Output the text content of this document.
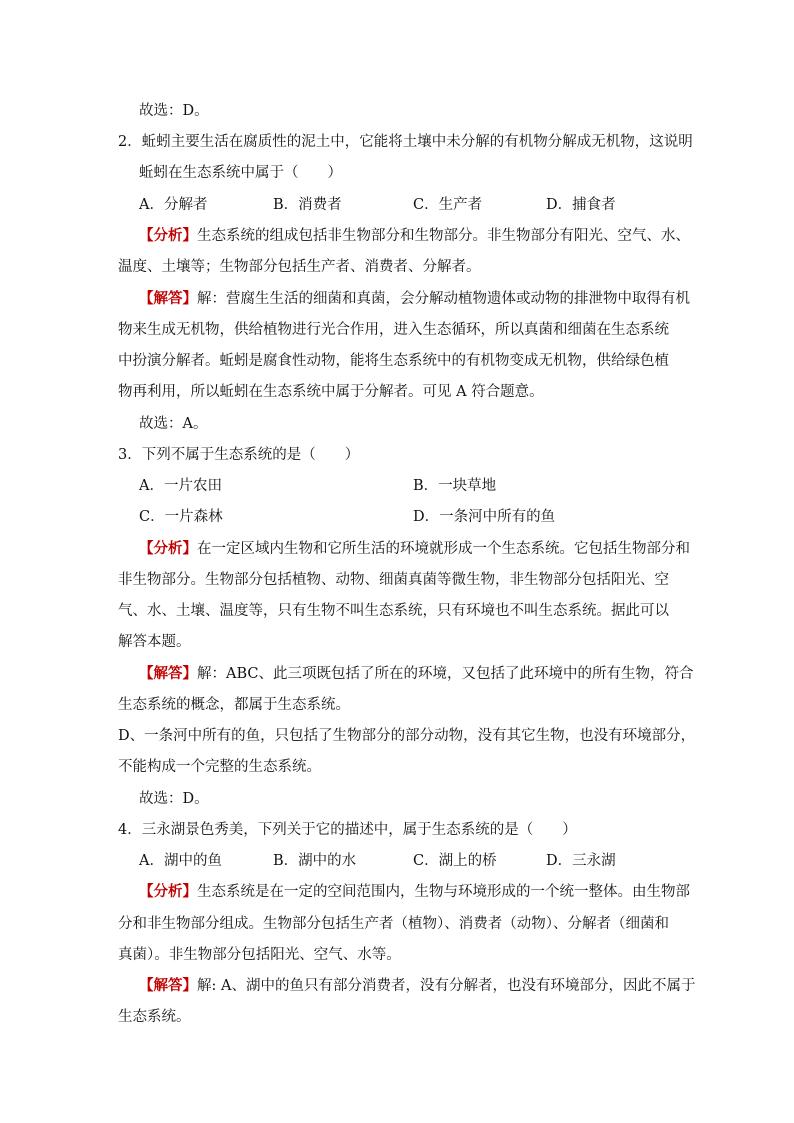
故选：D。
2．蚯蚓主要生活在腐质性的泥土中，它能将土壤中未分解的有机物分解成无机物，这说明
蚯蚓在生态系统中属于（　　）
A．分解者	B．消费者	C．生产者	D．捕食者
【分析】生态系统的组成包括非生物部分和生物部分。非生物部分有阳光、空气、水、
温度、土壤等；生物部分包括生产者、消费者、分解者。
【解答】解：营腐生生活的细菌和真菌，会分解动植物遗体或动物的排泄物中取得有机
物来生成无机物，供给植物进行光合作用，进入生态循环，所以真菌和细菌在生态系统
中扮演分解者。蚯蚓是腐食性动物，能将生态系统中的有机物变成无机物，供给绿色植
物再利用，所以蚯蚓在生态系统中属于分解者。可见 A 符合题意。
故选：A。
3．下列不属于生态系统的是（　　）
A．一片农田	B．一块草地
C．一片森林	D．一条河中所有的鱼
【分析】在一定区域内生物和它所生活的环境就形成一个生态系统。它包括生物部分和
非生物部分。生物部分包括植物、动物、细菌真菌等微生物，非生物部分包括阳光、空
气、水、土壤、温度等，只有生物不叫生态系统，只有环境也不叫生态系统。据此可以
解答本题。
【解答】解：ABC、此三项既包括了所在的环境，又包括了此环境中的所有生物，符合
生态系统的概念，都属于生态系统。
D、一条河中所有的鱼，只包括了生物部分的部分动物，没有其它生物，也没有环境部分，
不能构成一个完整的生态系统。
故选：D。
4．三永湖景色秀美，下列关于它的描述中，属于生态系统的是（　　）
A．湖中的鱼	B．湖中的水	C．湖上的桥	D．三永湖
【分析】生态系统是在一定的空间范围内，生物与环境形成的一个统一整体。由生物部
分和非生物部分组成。生物部分包括生产者（植物）、消费者（动物）、分解者（细菌和
真菌）。非生物部分包括阳光、空气、水等。
【解答】解: A、湖中的鱼只有部分消费者，没有分解者，也没有环境部分，因此不属于
生态系统。
